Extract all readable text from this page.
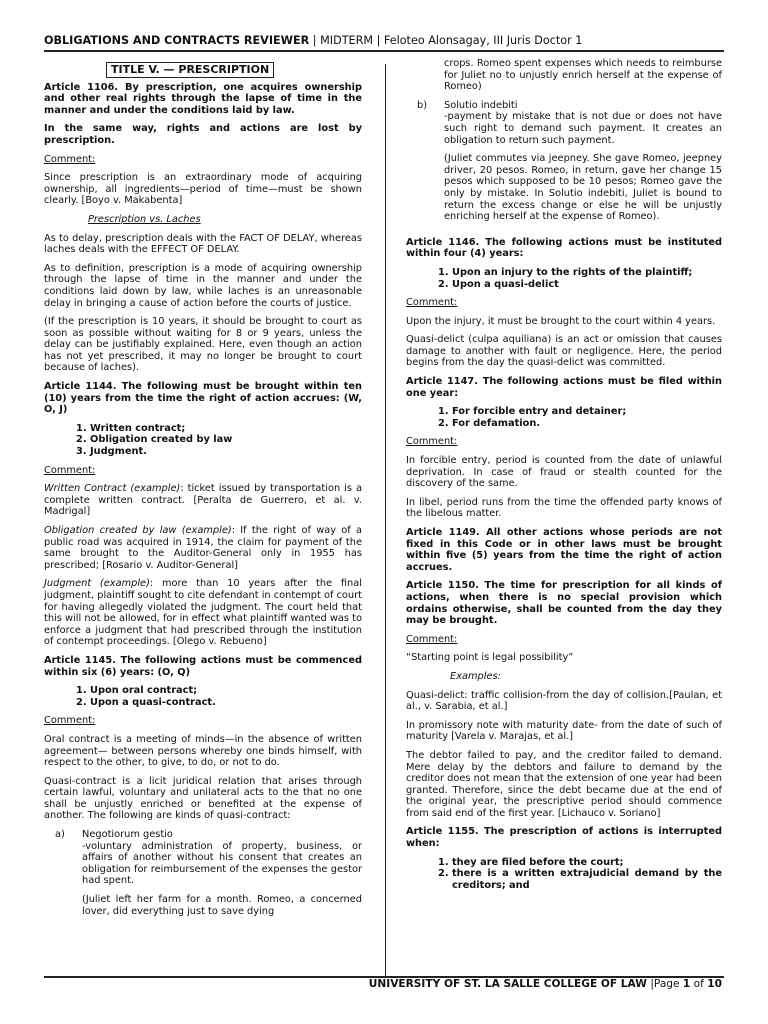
OBLIGATIONS AND CONTRACTS REVIEWER | MIDTERM | Feloteo Alonsagay, III Juris Doctor 1
TITLE V. — PRESCRIPTION

Article 1106. By prescription, one acquires ownership and other real rights through the lapse of time in the manner and under the conditions laid by law.

In the same way, rights and actions are lost by prescription.

Comment:

Since prescription is an extraordinary mode of acquiring ownership, all ingredients—period of time—must be shown clearly. [Boyo v. Makabenta]

Prescription vs. Laches

As to delay, prescription deals with the FACT OF DELAY, whereas laches deals with the EFFECT OF DELAY.

As to definition, prescription is a mode of acquiring ownership through the lapse of time in the manner and under the conditions laid down by law, while laches is an unreasonable delay in bringing a cause of action before the courts of justice.

(If the prescription is 10 years, it should be brought to court as soon as possible without waiting for 8 or 9 years, unless the delay can be justifiably explained. Here, even though an action has not yet prescribed, it may no longer be brought to court because of laches).

Article 1144. The following must be brought within ten (10) years from the time the right of action accrues: (W, O, J)

1. Written contract;
2. Obligation created by law
3. Judgment.

Comment:

Written Contract (example): ticket issued by transportation is a complete written contract. [Peralta de Guerrero, et al. v. Madrigal]

Obligation created by law (example): If the right of way of a public road was acquired in 1914, the claim for payment of the same brought to the Auditor-General only in 1955 has prescribed; [Rosario v. Auditor-General]

Judgment (example): more than 10 years after the final judgment, plaintiff sought to cite defendant in contempt of court for having allegedly violated the judgment. The court held that this will not be allowed, for in effect what plaintiff wanted was to enforce a judgment that had prescribed through the institution of contempt proceedings. [Olego v. Rebueno]

Article 1145. The following actions must be commenced within six (6) years: (O, Q)

1. Upon oral contract;
2. Upon a quasi-contract.

Comment:

Oral contract is a meeting of minds—in the absence of written agreement— between persons whereby one binds himself, with respect to the other, to give, to do, or not to do.

Quasi-contract is a licit juridical relation that arises through certain lawful, voluntary and unilateral acts to the that no one shall be unjustly enriched or benefited at the expense of another. The following are kinds of quasi-contract:

a)	Negotiorum gestio

-voluntary administration of property, business, or affairs of another without his consent that creates an obligation for reimbursement of the expenses the gestor had spent.

(Juliet left her farm for a month. Romeo, a concerned lover, did everything just to save dying

crops. Romeo spent expenses which needs to reimburse for Juliet no to unjustly enrich herself at the expense of Romeo)

b)	Solutio indebiti

-payment by mistake that is not due or does not have such right to demand such payment. It creates an obligation to return such payment.

(Juliet commutes via jeepney. She gave Romeo, jeepney driver, 20 pesos. Romeo, in return, gave her change 15 pesos which supposed to be 10 pesos; Romeo gave the only by mistake. In Solutio indebiti, Juliet is bound to return the excess change or else he will be unjustly enriching herself at the expense of Romeo).

Article 1146. The following actions must be instituted within four (4) years:

1. Upon an injury to the rights of the plaintiff;
2. Upon a quasi-delict

Comment:

Upon the injury, it must be brought to the court within 4 years.

Quasi-delict (culpa aquiliana) is an act or omission that causes damage to another with fault or negligence. Here, the period begins from the day the quasi-delict was committed.

Article 1147. The following actions must be filed within one year:

1. For forcible entry and detainer;
2. For defamation.

Comment:

In forcible entry, period is counted from the date of unlawful deprivation. In case of fraud or stealth counted for the discovery of the same.

In libel, period runs from the time the offended party knows of the libelous matter.

Article 1149. All other actions whose periods are not fixed in this Code or in other laws must be brought within five (5) years from the time the right of action accrues.

Article 1150. The time for prescription for all kinds of actions, when there is no special provision which ordains otherwise, shall be counted from the day they may be brought.

Comment:

“Starting point is legal possibility”

Examples:

Quasi-delict: traffic collision-from the day of collision.[Paulan, et al., v. Sarabia, et al.]

In promissory note with maturity date- from the date of such of maturity [Varela v. Marajas, et al.]

The debtor failed to pay, and the creditor failed to demand. Mere delay by the debtors and failure to demand by the creditor does not mean that the extension of one year had been granted. Therefore, since the debt became due at the end of the original year, the prescriptive period should commence from said end of the first year. [Lichauco v. Soriano]

Article 1155. The prescription of actions is interrupted when:

1. they are filed before the court;
2. there is a written extrajudicial demand by the creditors; and
UNIVERSITY OF ST. LA SALLE COLLEGE OF LAW |Page 1 of 10
